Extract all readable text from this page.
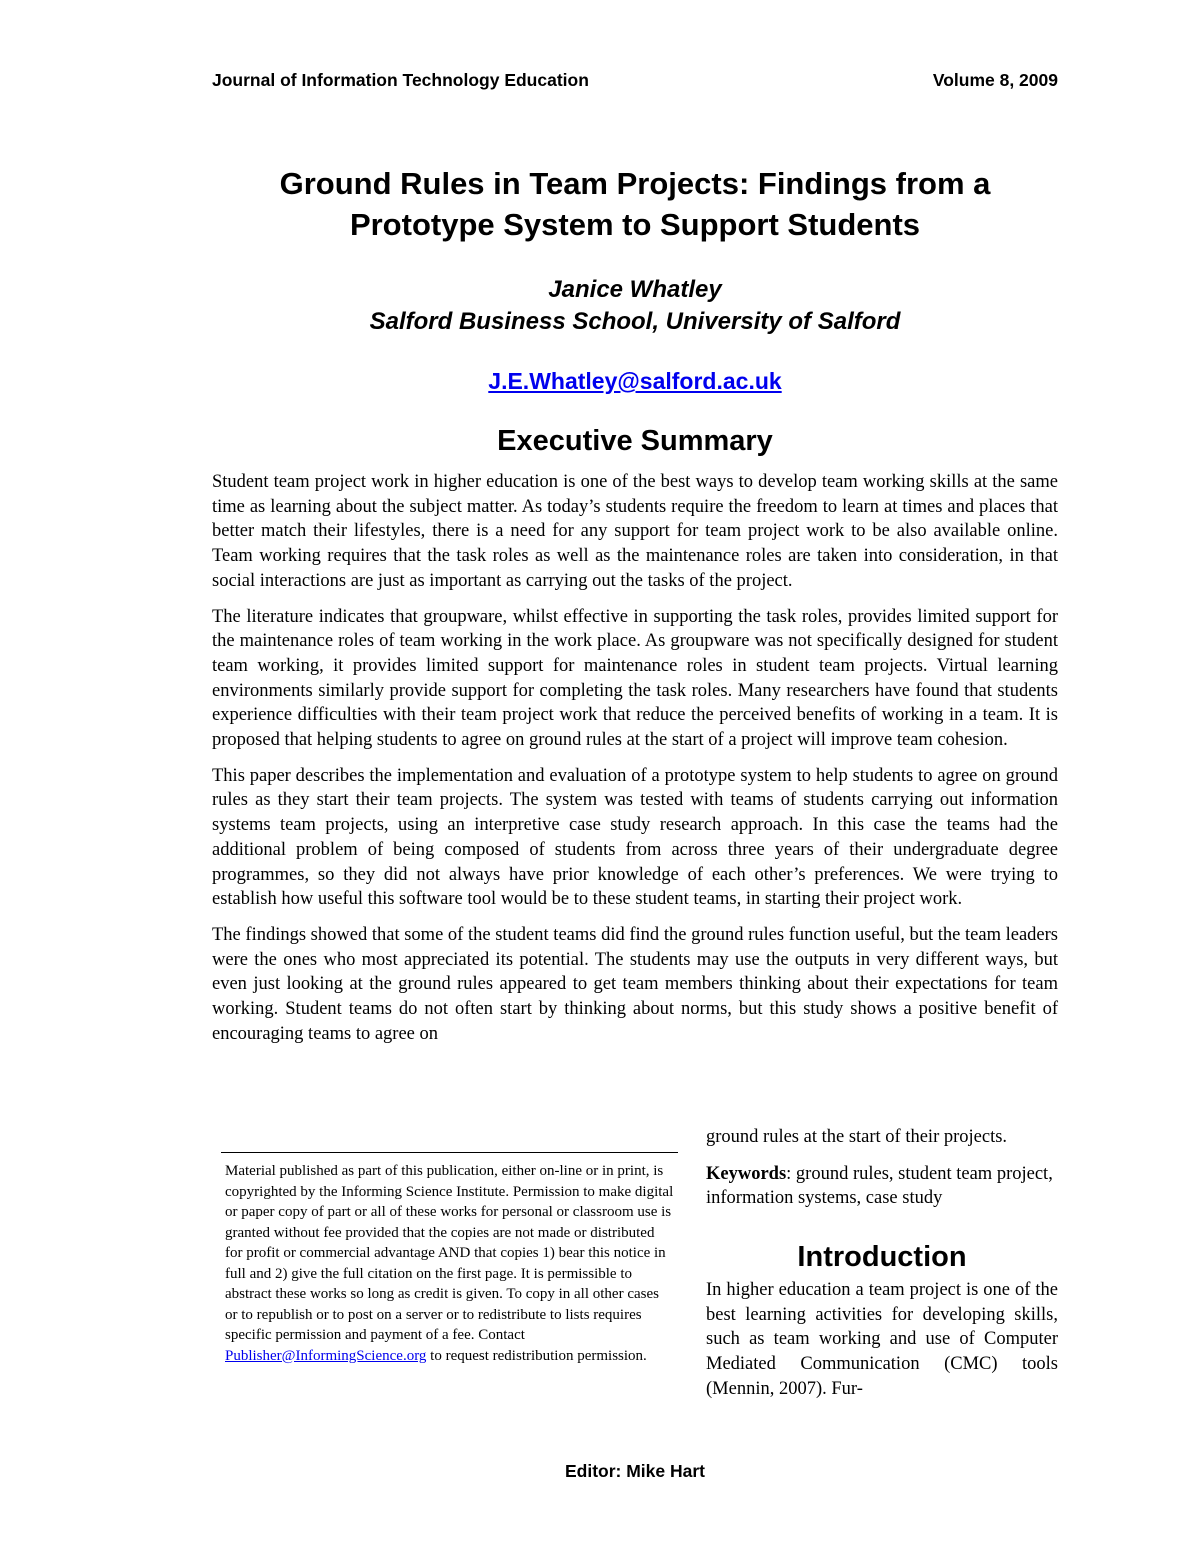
Journal of Information Technology Education	Volume 8, 2009
Ground Rules in Team Projects: Findings from a
Prototype System to Support Students
Janice Whatley
Salford Business School, University of Salford
J.E.Whatley@salford.ac.uk
Executive Summary

Student team project work in higher education is one of the best ways to develop team working skills at the same time as learning about the subject matter. As today’s students require the freedom to learn at times and places that better match their lifestyles, there is a need for any support for team project work to be also available online. Team working requires that the task roles as well as the maintenance roles are taken into consideration, in that social interactions are just as important as carrying out the tasks of the project.

The literature indicates that groupware, whilst effective in supporting the task roles, provides limited support for the maintenance roles of team working in the work place. As groupware was not specifically designed for student team working, it provides limited support for maintenance roles in student team projects. Virtual learning environments similarly provide support for completing the task roles. Many researchers have found that students experience difficulties with their team project work that reduce the perceived benefits of working in a team. It is proposed that helping students to agree on ground rules at the start of a project will improve team cohesion.

This paper describes the implementation and evaluation of a prototype system to help students to agree on ground rules as they start their team projects. The system was tested with teams of students carrying out information systems team projects, using an interpretive case study research approach. In this case the teams had the additional problem of being composed of students from across three years of their undergraduate degree programmes, so they did not always have prior knowledge of each other’s preferences. We were trying to establish how useful this software tool would be to these student teams, in starting their project work.

The findings showed that some of the student teams did find the ground rules function useful, but the team leaders were the ones who most appreciated its potential. The students may use the outputs in very different ways, but even just looking at the ground rules appeared to get team members thinking about their expectations for team working. Student teams do not often start by thinking about norms, but this study shows a positive benefit of encouraging teams to agree on

Material published as part of this publication, either on-line or in print, is copyrighted by the Informing Science Institute. Permission to make digital or paper copy of part or all of these works for personal or classroom use is granted without fee provided that the copies are not made or distributed for profit or commercial advantage AND that copies 1) bear this notice in full and 2) give the full citation on the first page. It is permissible to abstract these works so long as credit is given. To copy in all other cases or to republish or to post on a server or to redistribute to lists requires specific permission and payment of a fee. Contact Publisher@InformingScience.org to request redistribution permission.

ground rules at the start of their projects.

Keywords: ground rules, student team project, information systems, case study

Introduction

In higher education a team project is one of the best learning activities for developing skills, such as team working and use of Computer Mediated Communication (CMC) tools (Mennin, 2007). Fur-

Editor: Mike Hart
